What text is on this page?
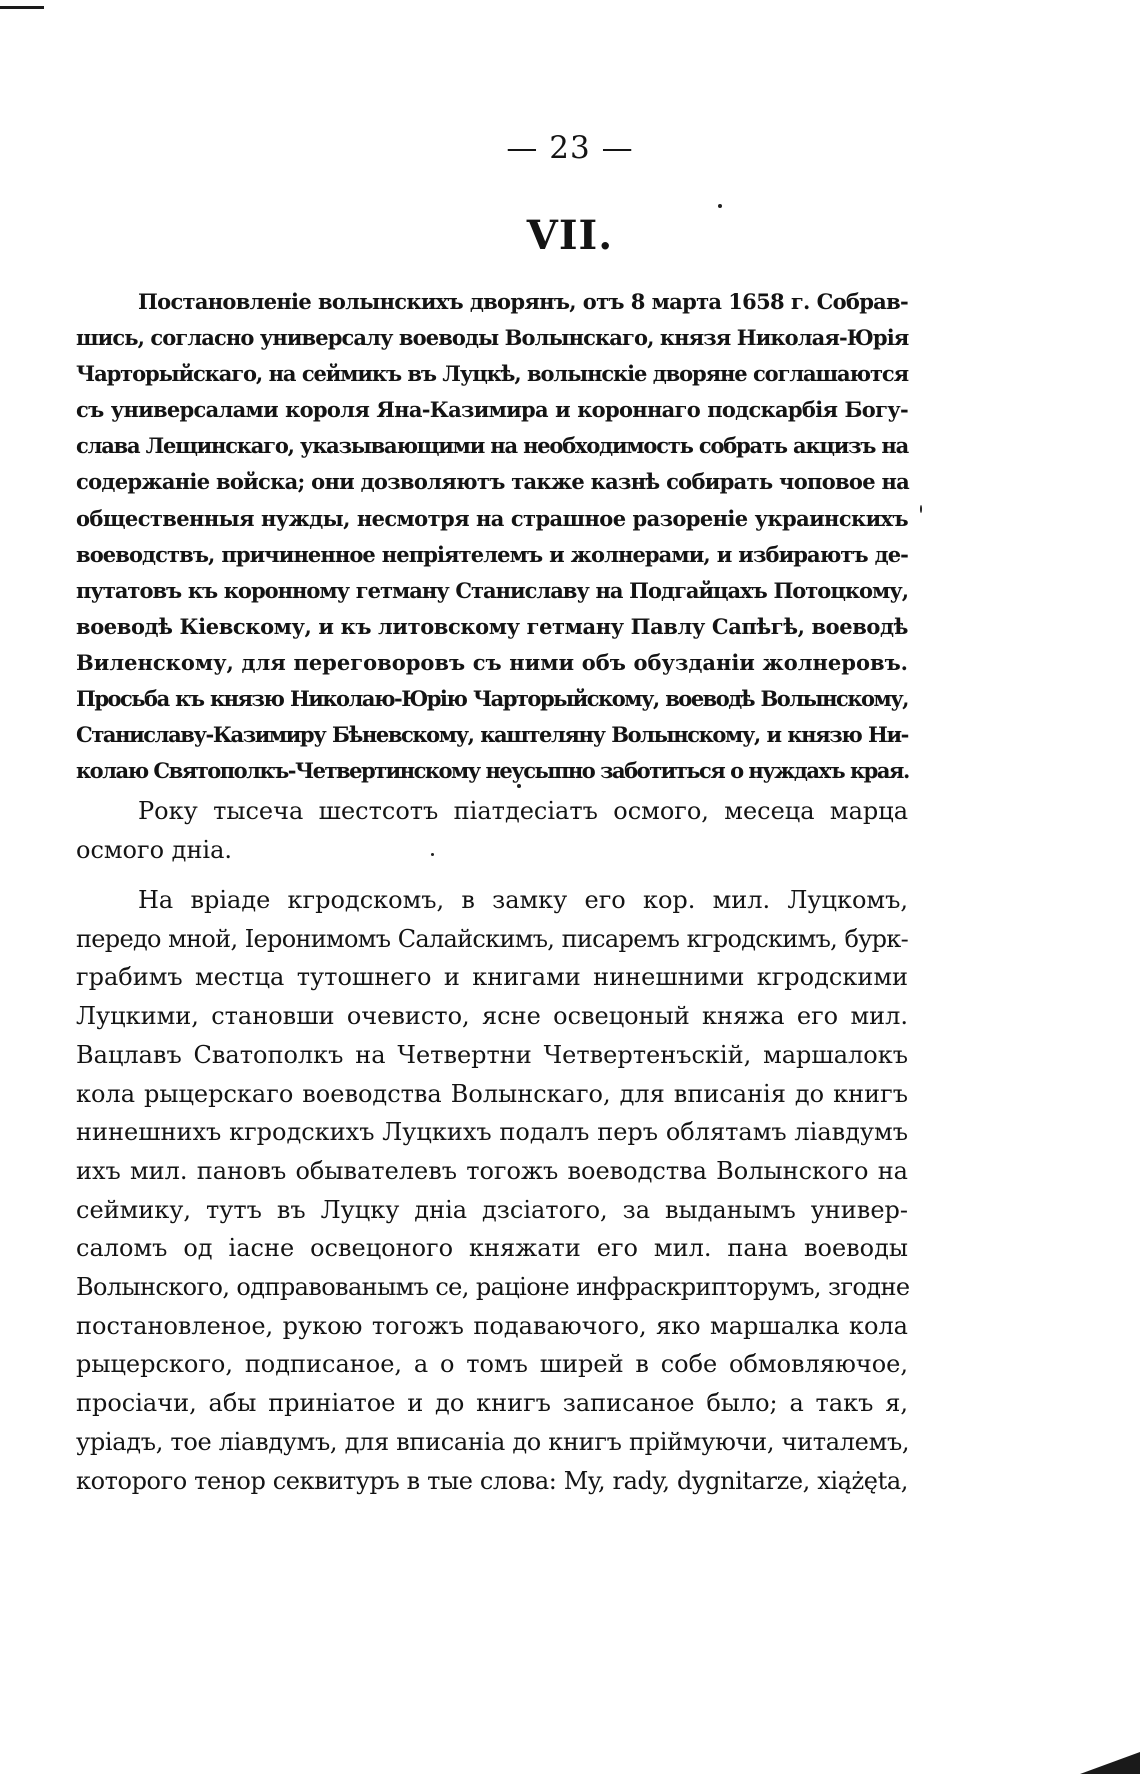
— 23 —
VII.
Постановленіе волынскихъ дворянъ, отъ 8 марта 1658 г. Собрав-
шись, согласно универсалу воеводы Волынскаго, князя Николая-Юрія
Чарторыйскаго, на сеймикъ въ Луцкѣ, волынскіе дворяне соглашаются
съ универсалами короля Яна-Казимира и короннаго подскарбія Богу-
слава Лещинскаго, указывающими на необходимость собрать акцизъ на
содержаніе войска; они дозволяютъ также казнѣ собирать чоповое на
общественныя нужды, несмотря на страшное разореніе украинскихъ
воеводствъ, причиненное непріятелемъ и жолнерами, и избираютъ де-
путатовъ къ коронному гетману Станиславу на Подгайцахъ Потоцкому,
воеводѣ Кіевскому, и къ литовскому гетману Павлу Сапѣгѣ, воеводѣ
Виленскому, для переговоровъ съ ними объ обузданіи жолнеровъ.
Просьба къ князю Николаю-Юрію Чарторыйскому, воеводѣ Волынскому,
Станиславу-Казимиру Бѣневскому, каштеляну Волынскому, и князю Ни-
колаю Святополкъ-Четвертинскому неусыпно заботиться о нуждахъ края.
Року тысеча шестсотъ піатдесіатъ осмого, месеца марца
осмого дніа.
На вріаде кгродскомъ, в замку его кор. мил. Луцкомъ,
передо мной, Іеронимомъ Салайскимъ, писаремъ кгродскимъ, бурк-
грабимъ местца тутошнего и книгами нинешними кгродскими
Луцкими, становши очевисто, ясне освецоный княжа его мил.
Вацлавъ Сватополкъ на Четвертни Четвертенъскій, маршалокъ
кола рыцерскаго воеводства Волынскаго, для вписанія до книгъ
нинешнихъ кгродскихъ Луцкихъ подалъ перъ облятамъ ліавдумъ
ихъ мил. пановъ обывателевъ тогожъ воеводства Волынского на
сеймику, тутъ въ Луцку дніа дзсіатого, за выданымъ универ-
саломъ од іасне освецоного княжати его мил. пана воеводы
Волынского, одправованымъ се, раціоне инфраскрипторумъ, згодне
постановленое, рукою тогожъ подаваючого, яко маршалка кола
рыцерского, подписаное, а о томъ ширей в собе обмовляючое,
просіачи, абы приніатое и до книгъ записаное было; а такъ я,
уріадъ, тое ліавдумъ, для вписаніа до книгъ пріймуючи, читалемъ,
которого тенор секвитуръ в тые слова: My, rady, dygnitarze, xiążęta,
